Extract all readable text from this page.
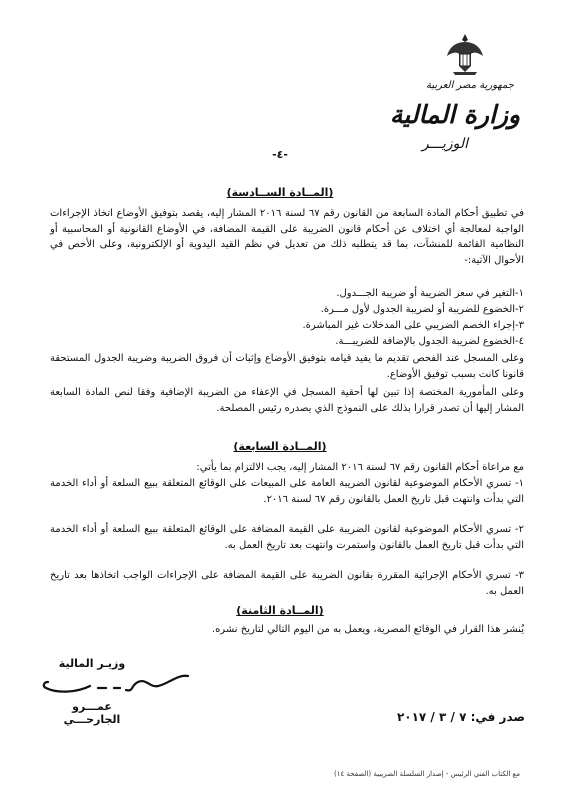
جمهورية مصر العربية
وزارة المالية
الوزيـــر
-٤-
(المــادة الســادسة)
في تطبيق أحكام المادة السابعة من القانون رقم ٦٧ لسنة ٢٠١٦ المشار إليه، يقصد بتوفيق الأوضاع اتخاذ الإجراءات الواجبة لمعالجة أي اختلاف عن أحكام قانون الضريبة على القيمة المضافة، في الأوضاع القانونية أو المحاسبية أو النظامية القائمة للمنشآت، بما قد يتطلبه ذلك من تعديل في نظم القيد اليدوية أو الإلكترونية، وعلى الأخص في الأحوال الآتية:-
١-التغير في سعر الضريبة أو ضريبة الجـــدول.
٢-الخضوع للضريبة أو لضريبة الجدول لأول مـــرة.
٣-إجراء الخصم الضريبي على المدخلات غير المباشرة.
٤-الخضوع لضريبة الجدول بالإضافة للضريبـــة.
وعلى المسجل عند الفحص تقديم ما يفيد قيامه بتوفيق الأوضاع وإثبات أن فروق الضريبة وضريبة الجدول المستحقة قانونا كانت بسبب توفيق الأوضاع.
وعلى المأمورية المختصة إذا تبين لها أحقية المسجل في الإعفاء من الضريبة الإضافية وفقا لنص المادة السابعة المشار إليها أن تصدر قرارا بذلك على النموذج الذي يصدره رئيس المصلحة.
(المــادة السابعة)
مع مراعاة أحكام القانون رقم ٦٧ لسنة ٢٠١٦ المشار إليه، يجب الالتزام بما يأتي:
١- تسري الأحكام الموضوعية لقانون الضريبة العامة على المبيعات على الوقائع المتعلقة ببيع السلعة أو أداء الخدمة التي بدأت وانتهت قبل تاريخ العمل بالقانون رقم ٦٧ لسنة ٢٠١٦.
٢- تسري الأحكام الموضوعية لقانون الضريبة على القيمة المضافة على الوقائع المتعلقة ببيع السلعة أو أداء الخدمة التي بدأت قبل تاريخ العمل بالقانون واستمرت وانتهت بعد تاريخ العمل به.
٣- تسري الأحكام الإجرائية المقررة بقانون الضريبة على القيمة المضافة على الإجراءات الواجب اتخاذها بعد تاريخ العمل به.
(المــادة الثامنة)
يُنشر هذا القرار في الوقائع المصرية، ويعمل به من اليوم التالي لتاريخ نشره.
وزيـر المالية
عمـــرو الجارحـــي	صدر في: ٧ / ٣ / ٢٠١٧
مع الكتاب الفني الرئيس - إصدار السلسلة الضريبية (الصفحة ١٤)
